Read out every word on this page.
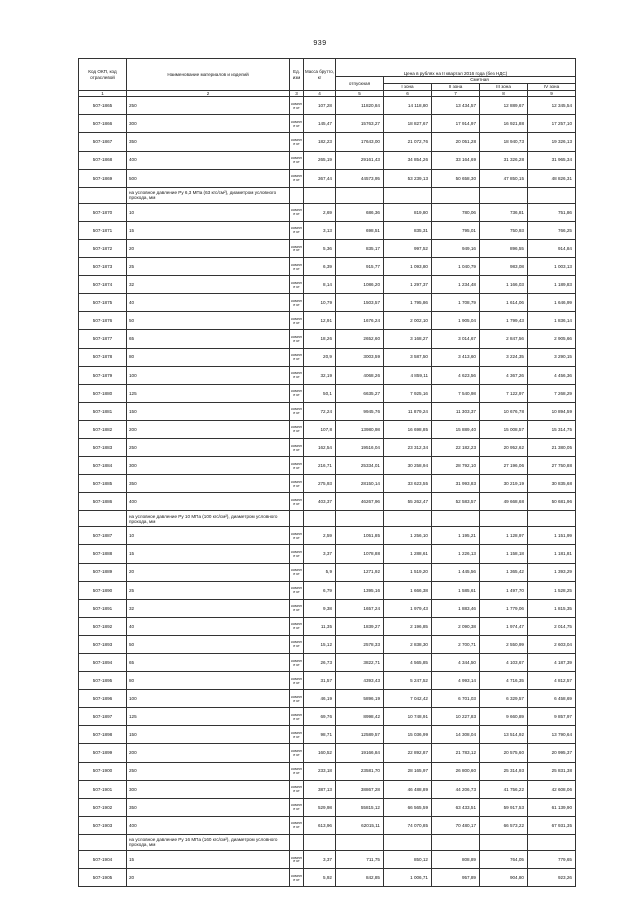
939
Код ОКП, код отраслевой	Наименование материалов и изделий	Ед. изм	Масса брутто, кг	Цена в рублях на II квартал 2016 года (без НДС)				
				отпускная	Сметная			
					I зона	II зона	III зона	IV зона

1	2	3	4	5	6	7	8	9
507-1865	250	компле кт	107,28	11820,84	14 118,80	13 434,57	12 889,67	12 345,54
507-1866	300	компле кт	145,47	15763,27	18 827,67	17 914,97	16 921,88	17 257,10
507-1867	350	компле кт	182,23	17643,00	21 072,76	20 051,28	18 940,73	19 326,13
507-1868	400	компле кт	265,19	29161,43	34 854,26	33 164,69	31 326,28	31 965,34
507-1869	500	компле кт	367,44	44573,95	53 239,13	50 658,30	47 850,15	48 826,31
	на условное давление Ру 6,3 МПа (63 кгс/см²), диаметром условного прохода, мм							
507-1870	10	компле кт	2,69	686,36	819,80	780,06	736,81	751,86
507-1871	15	компле кт	3,13	698,51	835,31	795,01	750,93	766,25
507-1872	20	компле кт	5,36	835,17	997,52	949,16	896,55	914,84
507-1873	25	компле кт	6,39	915,77	1 093,80	1 040,79	983,08	1 003,13
507-1874	32	компле кт	8,14	1086,20	1 297,37	1 234,48	1 166,03	1 189,83
507-1875	40	компле кт	10,79	1503,57	1 795,86	1 708,79	1 614,06	1 646,99
507-1876	50	компле кт	12,91	1676,24	2 002,10	1 905,04	1 799,43	1 836,14
507-1877	65	компле кт	18,26	2652,60	3 168,27	3 014,67	2 847,56	2 905,66
507-1878	80	компле кт	20,9	3003,59	3 587,50	3 413,60	3 224,35	3 290,15
507-1879	100	компле кт	32,19	4068,26	4 859,11	4 623,56	4 367,26	4 456,36
507-1880	125	компле кт	50,1	6635,27	7 925,16	7 540,98	7 122,97	7 268,29
507-1881	150	компле кт	72,24	9945,76	11 879,24	11 303,37	10 676,78	10 894,59
507-1882	200	компле кт	107,8	13980,98	16 698,85	15 889,40	15 008,57	15 314,75
507-1883	250	компле кт	162,54	19516,04	23 312,34	22 182,23	20 952,62	21 380,05
507-1884	300	компле кт	216,71	25334,01	30 258,94	28 792,10	27 196,06	27 750,88
507-1885	350	компле кт	275,93	28150,14	33 623,55	31 993,83	30 219,19	30 835,68
507-1886	400	компле кт	403,37	46267,96	55 262,47	52 583,57	49 668,68	50 681,96
	на условное давление Ру 10 МПа (100 кгс/см²), диаметром условного прохода, мм							
507-1887	10	компле кт	2,59	1051,85	1 256,10	1 195,21	1 128,97	1 151,99
507-1888	15	компле кт	3,37	1078,88	1 288,61	1 226,13	1 158,18	1 181,81
507-1889	20	компле кт	5,9	1271,92	1 519,20	1 445,56	1 365,42	1 393,29
507-1890	25	компле кт	6,79	1395,16	1 666,38	1 585,61	1 497,70	1 528,25
507-1891	32	компле кт	9,38	1657,24	1 979,43	1 883,46	1 779,06	1 815,35
507-1892	40	компле кт	11,35	1839,27	2 196,85	2 090,38	1 974,47	2 014,75
507-1893	50	компле кт	15,12	2578,33	2 838,30	2 700,71	2 550,99	2 603,04
507-1894	65	компле кт	26,73	3822,71	4 565,85	4 344,50	4 103,67	4 187,39
507-1895	80	компле кт	31,57	4393,43	5 247,52	4 993,14	4 716,35	4 812,57
507-1896	100	компле кт	46,19	5896,19	7 042,42	6 701,03	6 329,57	6 458,69
507-1897	125	компле кт	69,76	8998,42	10 748,91	10 227,83	9 660,89	9 857,97
507-1898	150	компле кт	98,71	12589,57	15 036,99	14 308,04	13 514,92	13 790,64
507-1899	200	компле кт	160,52	19166,84	22 892,87	21 783,12	20 575,60	20 995,37
507-1900	250	компле кт	233,18	23581,70	28 165,97	26 800,60	25 314,93	25 831,38
507-1901	300	компле кт	387,13	38867,28	46 488,89	44 206,73	41 756,22	42 608,06
507-1902	350	компле кт	529,98	55815,12	66 565,59	63 433,51	59 917,53	61 139,90
507-1903	400	компле кт	613,96	62015,11	74 070,85	70 480,17	66 573,22	67 931,35
	на условное давление Ру 16 МПа (160 кгс/см²), диаметром условного прохода, мм							
507-1904	15	компле кт	3,37	711,75	850,12	808,89	764,05	779,65
507-1905	20	компле кт	5,92	842,85	1 006,71	957,89	904,80	923,26
